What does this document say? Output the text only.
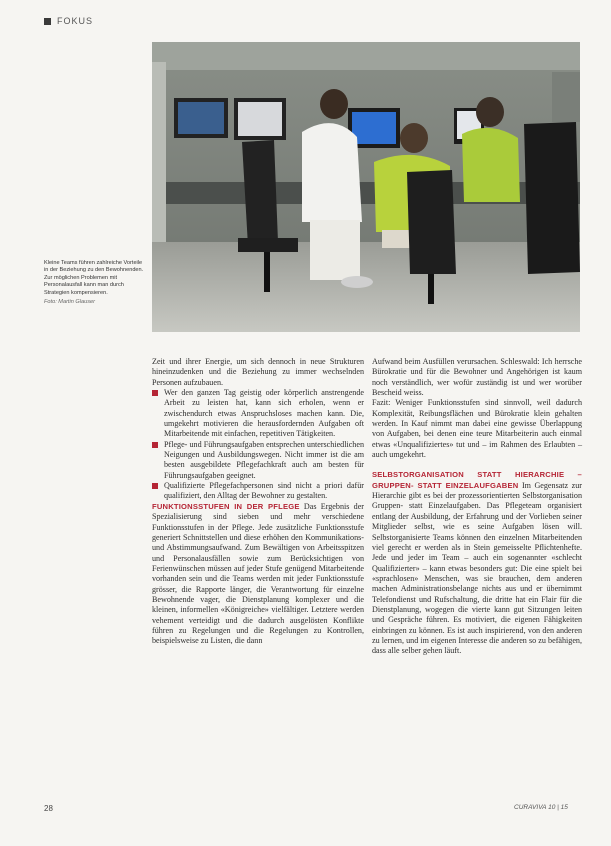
FOKUS
Kleine Teams führen zahlreiche Vorteile in der Beziehung zu den Bewohnenden. Zur möglichen Problemen mit Personalausfall kann man durch Strategien kompensieren.
Foto: Martin Glauser

Zeit und ihrer Energie, um sich dennoch in neue Strukturen hineinzudenken und die Beziehung zu immer wechselnden Personen aufzubauen.

Wer den ganzen Tag geistig oder körperlich anstrengende Arbeit zu leisten hat, kann sich erholen, wenn er zwischendurch etwas Anspruchsloses machen kann. Die, umgekehrt motivieren die herausfordernden Aufgaben oft Mitarbeitende mit einfachen, repetitiven Tätigkeiten.
Pflege- und Führungsaufgaben entsprechen unterschiedlichen Neigungen und Ausbildungswegen. Nicht immer ist die am besten ausgebildete Pflegefachkraft auch am besten für Führungsaufgaben geeignet.
Qualifizierte Pflegefachpersonen sind nicht a priori dafür qualifiziert, den Alltag der Bewohner zu gestalten.

FUNKTIONSSTUFEN IN DER PFLEGE Das Ergebnis der Spezialisierung sind sieben und mehr verschiedene Funktionsstufen in der Pflege. Jede zusätzliche Funktionsstufe generiert Schnittstellen und diese erhöhen den Kommunikations- und Abstimmungsaufwand. Zum Bewältigen von Arbeitsspitzen und Personalausfällen sowie zum Berücksichtigen von Ferienwünschen müssen auf jeder Stufe genügend Mitarbeitende vorhanden sein und die Teams werden mit jeder Funktionsstufe grösser, die Rapporte länger, die Verantwortung für einzelne Bewohnende vager, die Dienstplanung komplexer und die kleinen, informellen «Königreiche» vielfältiger. Letztere werden vehement verteidigt und die dadurch ausgelösten Konflikte führen zu Regelungen und die Regelungen zu Kontrollen, beispielsweise zu Listen, die dann

Aufwand beim Ausfüllen verursachen. Schleswald: Ich herrsche Bürokratie und für die Bewohner und Angehörigen ist kaum noch verständlich, wer wofür zuständig ist und wer worüber Bescheid weiss.

Fazit: Weniger Funktionsstufen sind sinnvoll, weil dadurch Komplexität, Reibungsflächen und Bürokratie klein gehalten werden. In Kauf nimmt man dabei eine gewisse Überlappung von Aufgaben, bei denen eine teure Mitarbeiterin auch einmal etwas «Unqualifiziertes» tut und – im Rahmen des Erlaubten – auch umgekehrt.

SELBSTORGANISATION STATT HIERARCHIE – GRUPPEN- STATT EINZELAUFGABEN Im Gegensatz zur Hierarchie gibt es bei der prozessorientierten Selbstorganisation Gruppen- statt Einzelaufgaben. Das Pflegeteam organisiert entlang der Ausbildung, der Erfahrung und der Vorlieben seiner Mitglieder selbst, wie es seine Aufgaben lösen will. Selbstorganisierte Teams können den einzelnen Mitarbeitenden viel gerecht er werden als in Stein gemeisselte Pflichtenhefte. Jede und jeder im Team – auch ein sogenannter «schlecht Qualifizierter» – kann etwas besonders gut: Die eine spielt bei «sprachlosen» Menschen, was sie brauchen, dem anderen machen Administrationsbelange nichts aus und er übernimmt Telefondienst und Rufschaltung, die dritte hat ein Flair für die Dienstplanung, wogegen die vierte kann gut Sitzungen leiten und Gespräche führen. Es motiviert, die eigenen Fähigkeiten einbringen zu können. Es ist auch inspirierend, von den anderen zu lernen, und im eigenen Interesse die anderen so zu befähigen, dass alle selber gehen läuft.

28	CURAVIVA 10 | 15
